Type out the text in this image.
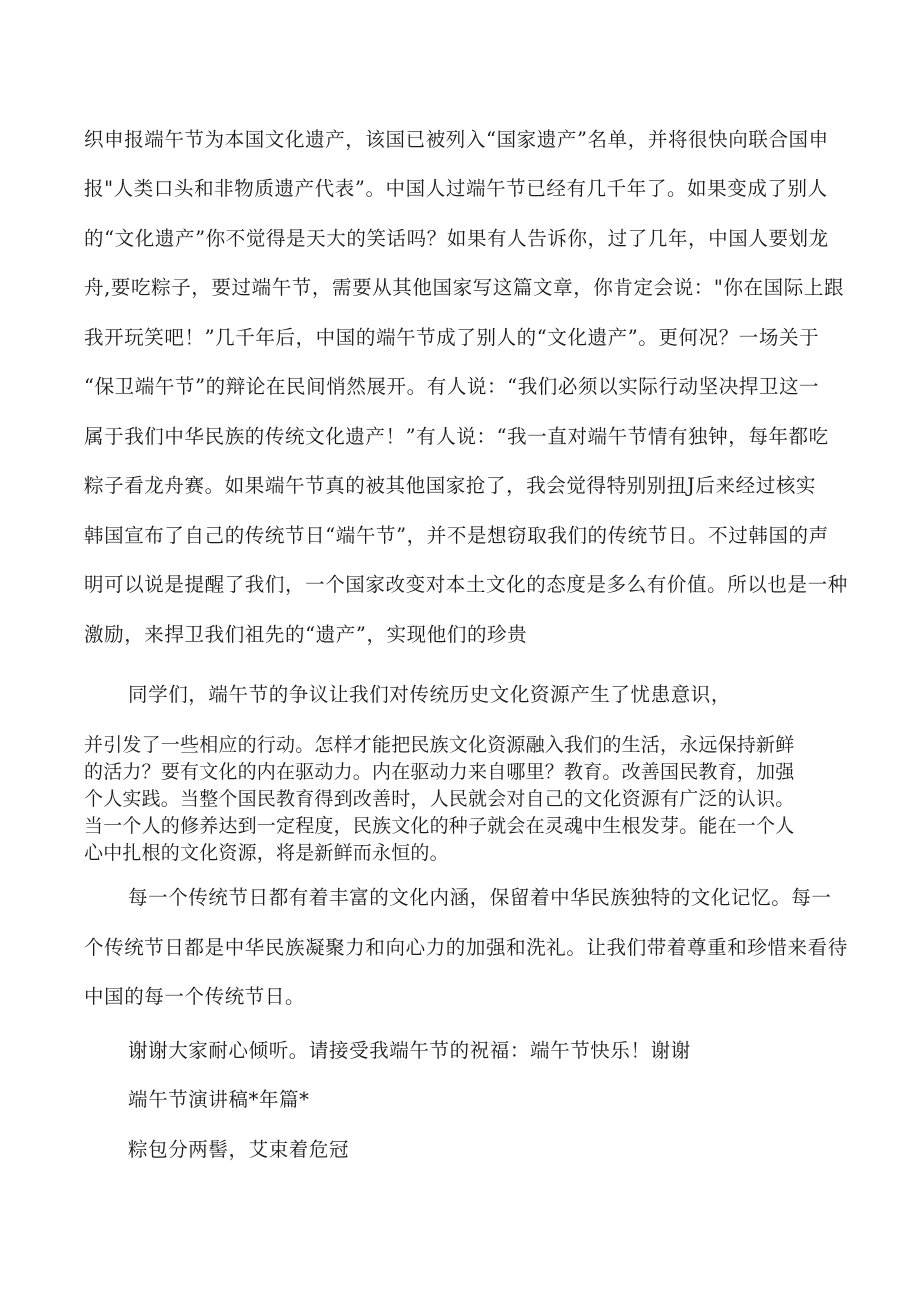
织申报端午节为本国文化遗产，该国已被列入“国家遗产”名单，并将很快向联合国申
报"人类口头和非物质遗产代表”。中国人过端午节已经有几千年了。如果变成了别人
的“文化遗产”你不觉得是天大的笑话吗？如果有人告诉你，过了几年，中国人要划龙
舟,要吃粽子，要过端午节，需要从其他国家写这篇文章，你肯定会说："你在国际上跟
我开玩笑吧！”几千年后，中国的端午节成了别人的“文化遗产”。更何况？一场关于
“保卫端午节”的辩论在民间悄然展开。有人说：“我们必须以实际行动坚决捍卫这一
属于我们中华民族的传统文化遗产！”有人说：“我一直对端午节情有独钟，每年都吃
粽子看龙舟赛。如果端午节真的被其他国家抢了，我会觉得特别别扭J后来经过核实
韩国宣布了自己的传统节日“端午节”，并不是想窃取我们的传统节日。不过韩国的声
明可以说是提醒了我们，一个国家改变对本土文化的态度是多么有价值。所以也是一种
激励，来捍卫我们祖先的“遗产”，实现他们的珍贵
同学们，端午节的争议让我们对传统历史文化资源产生了忧患意识，
并引发了一些相应的行动。怎样才能把民族文化资源融入我们的生活，永远保持新鲜
的活力？要有文化的内在驱动力。内在驱动力来自哪里？教育。改善国民教育，加强
个人实践。当整个国民教育得到改善时，人民就会对自己的文化资源有广泛的认识。
当一个人的修养达到一定程度，民族文化的种子就会在灵魂中生根发芽。能在一个人
心中扎根的文化资源，将是新鲜而永恒的。
每一个传统节日都有着丰富的文化内涵，保留着中华民族独特的文化记忆。每一
个传统节日都是中华民族凝聚力和向心力的加强和洗礼。让我们带着尊重和珍惜来看待
中国的每一个传统节日。
谢谢大家耐心倾听。请接受我端午节的祝福：端午节快乐！谢谢
端午节演讲稿*年篇*
粽包分两髻，艾束着危冠
